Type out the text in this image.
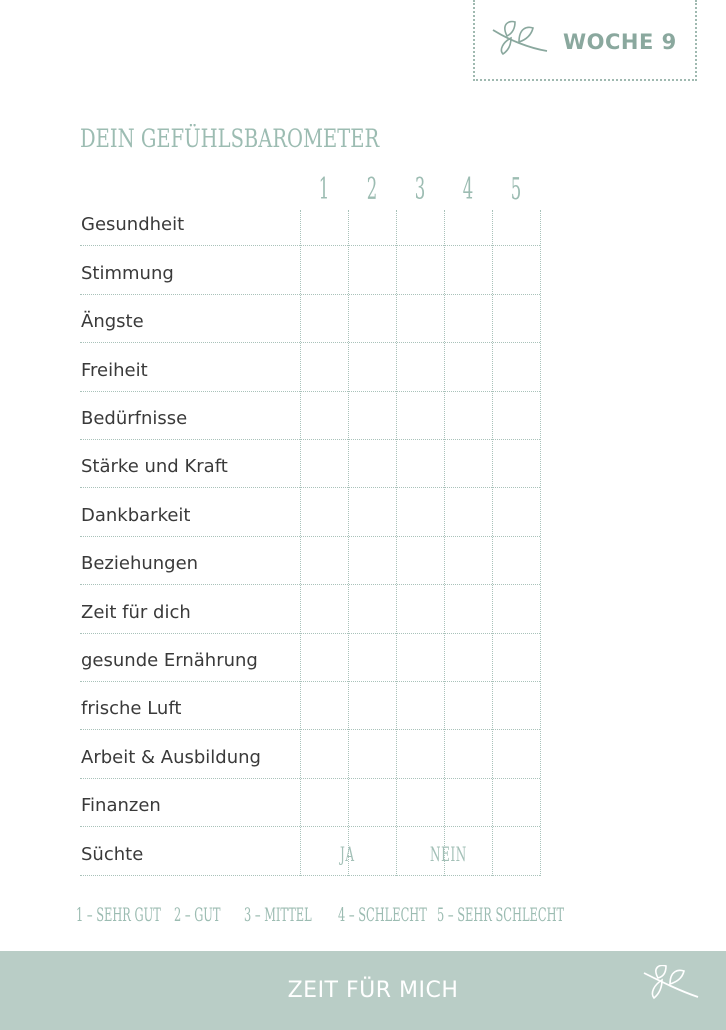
WOCHE 9
DEIN GEFÜHLSBAROMETER
1 2 3 4 5
Gesundheit
Stimmung
Ängste
Freiheit
Bedürfnisse
Stärke und Kraft
Dankbarkeit
Beziehungen
Zeit für dich
gesunde Ernährung
frische Luft
Arbeit & Ausbildung
Finanzen
Süchte	JA	NEIN
1 – SEHR GUT 2 – GUT 3 – MITTEL 4 – SCHLECHT 5 – SEHR SCHLECHT
ZEIT FÜR MICH
